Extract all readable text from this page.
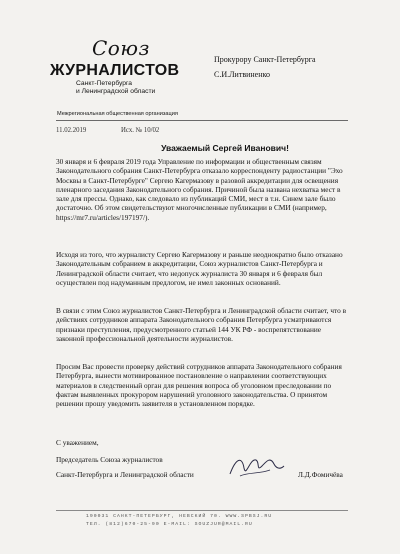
Союз
ЖУРНАЛИСТОВ
Санкт-Петербурга
и Ленинградской области
Межрегиональная общественная организация
Прокурору Санкт-Петербурга
С.И.Литвиненко
11.02.2019	Исх. № 10/02
Уважаемый Сергей Иванович!
30 января и 6 февраля 2019 года Управление по информации и общественным связям Законодательного собрания Санкт-Петербурга отказало корреспонденту радиостанции "Эхо Москвы в Санкт-Петербурге" Сергею Кагермазову в разовой аккредитации для освещения пленарного заседания Законодательного собрания. Причиной была названа нехватка мест в зале для прессы. Однако, как следовало из публикаций СМИ, мест в т.н. Синем зале было достаточно. Об этом свидетельствуют многочисленные публикации в СМИ (например, https://mr7.ru/articles/197197/).
Исходя из того, что журналисту Сергею Кагермазову и раньше неоднократно было отказано Законодательным собранием в аккредитации, Союз журналистов Санкт-Петербурга и Ленинградской области считает, что недопуск журналиста 30 января и 6 февраля был осуществлен под надуманным предлогом, не имел законных оснований.
В связи с этим Союз журналистов Санкт-Петербурга и Ленинградской области считает, что в действиях сотрудников аппарата Законодательного собрания Петербурга усматриваются признаки преступления, предусмотренного статьей 144 УК РФ - воспрепятствование законной профессиональной деятельности журналистов.
Просим Вас провести проверку действий сотрудников аппарата Законодательного собрания Петербурга, вынести мотивированное постановление о направлении соответствующих материалов в следственный орган для решения вопроса об уголовном преследовании по фактам выявленных прокурором нарушений уголовного законодательства. О принятом решении прошу уведомить заявителя в установленном порядке.
С уважением,
Председатель Союза журналистов
Санкт-Петербурга и Ленинградской области	Л.Д.Фомичёва
190031 САНКТ-ПЕТЕРБУРГ, НЕВСКИЙ 70. WWW.SPBSJ.RU
ТЕЛ. (812)670-25-90 E-MAIL: SOUZJUR@MAIL.RU
